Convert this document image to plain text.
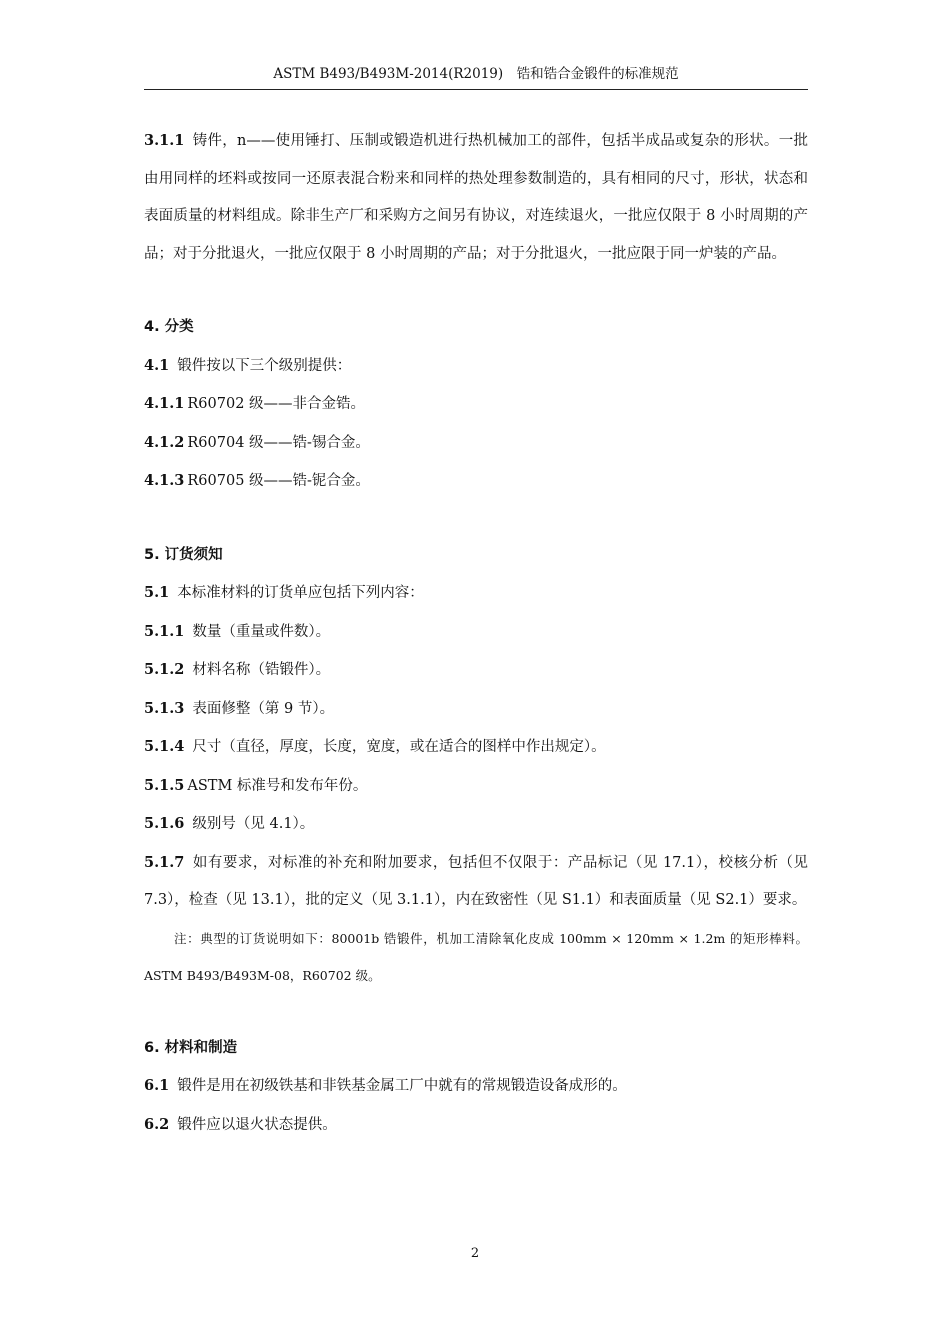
ASTM B493/B493M-2014(R2019)　锆和锆合金锻件的标准规范

3.1.1 铸件，n——使用锤打、压制或锻造机进行热机械加工的部件，包括半成品或复杂的形状。一批由用同样的坯料或按同一还原表混合粉来和同样的热处理参数制造的，具有相同的尺寸，形状，状态和表面质量的材料组成。除非生产厂和采购方之间另有协议，对连续退火，一批应仅限于 8 小时周期的产品；对于分批退火，一批应仅限于 8 小时周期的产品；对于分批退火，一批应限于同一炉装的产品。

4. 分类

4.1 锻件按以下三个级别提供：

4.1.1 R60702 级——非合金锆。

4.1.2 R60704 级——锆-锡合金。

4.1.3 R60705 级——锆-铌合金。

5. 订货须知

5.1 本标准材料的订货单应包括下列内容：

5.1.1 数量（重量或件数）。

5.1.2 材料名称（锆锻件）。

5.1.3 表面修整（第 9 节）。

5.1.4 尺寸（直径，厚度，长度，宽度，或在适合的图样中作出规定）。

5.1.5 ASTM 标准号和发布年份。

5.1.6 级别号（见 4.1）。

5.1.7 如有要求，对标准的补充和附加要求，包括但不仅限于：产品标记（见 17.1），校核分析（见 7.3），检查（见 13.1），批的定义（见 3.1.1），内在致密性（见 S1.1）和表面质量（见 S2.1）要求。

注：典型的订货说明如下：80001b 锆锻件，机加工清除氧化皮成 100mm × 120mm × 1.2m 的矩形棒料。ASTM B493/B493M-08，R60702 级。

6. 材料和制造

6.1 锻件是用在初级铁基和非铁基金属工厂中就有的常规锻造设备成形的。

6.2 锻件应以退火状态提供。

2
